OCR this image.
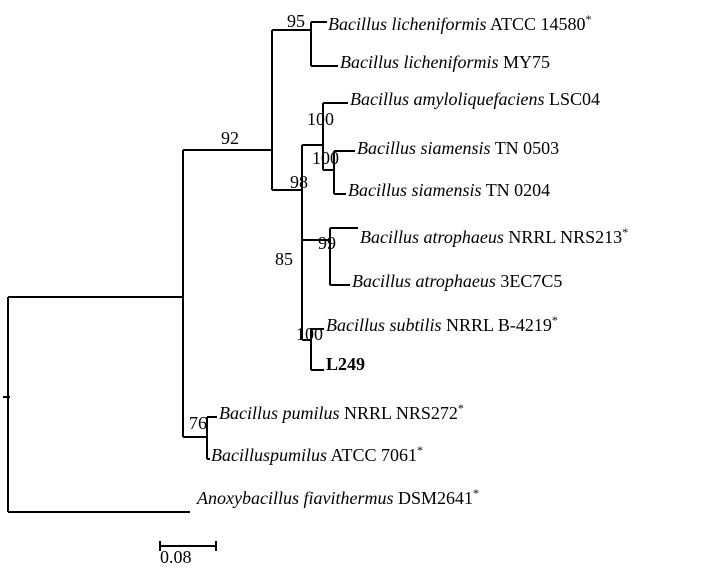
Bacillus licheniformis ATCC 14580*
Bacillus licheniformis MY75
Bacillus amyloliquefaciens LSC04
Bacillus siamensis TN 0503
Bacillus siamensis TN 0204
Bacillus atrophaeus NRRL NRS213*
Bacillus atrophaeus 3EC7C5
Bacillus subtilis NRRL B-4219*
L249
Bacillus pumilus NRRL NRS272*
Bacilluspumilus ATCC 7061*
Anoxybacillus fiavithermus DSM2641*
95
92
100
100
98
99
85
100
76
0.08
